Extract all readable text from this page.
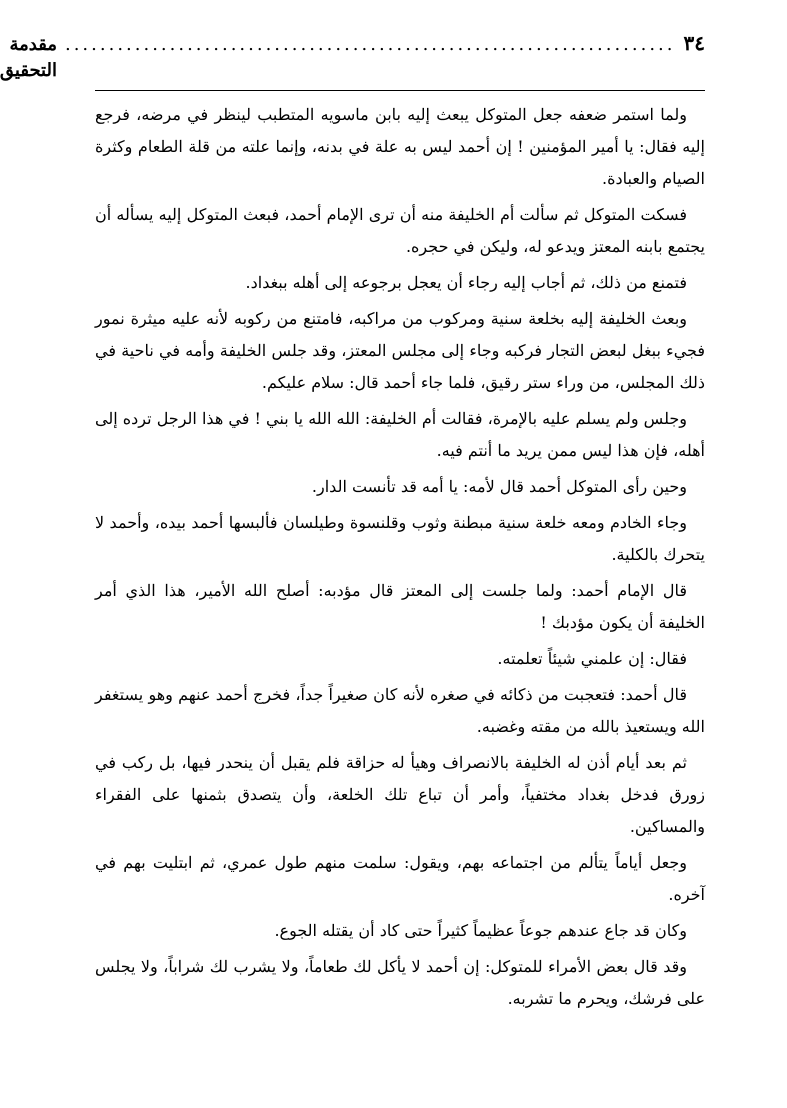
٣٤
......................................................................
مقدمة التحقيق

ولما استمر ضعفه جعل المتوكل يبعث إليه بابن ماسويه المتطبب لينظر في مرضه، فرجع إليه فقال: يا أمير المؤمنين ! إن أحمد ليس به علة في بدنه، وإنما علته من قلة الطعام وكثرة الصيام والعبادة.

فسكت المتوكل ثم سألت أم الخليفة منه أن ترى الإمام أحمد، فبعث المتوكل إليه يسأله أن يجتمع بابنه المعتز ويدعو له، وليكن في حجره.

فتمنع من ذلك، ثم أجاب إليه رجاء أن يعجل برجوعه إلى أهله ببغداد.

وبعث الخليفة إليه بخلعة سنية ومركوب من مراكبه، فامتنع من ركوبه لأنه عليه ميثرة نمور فجيء ببغل لبعض التجار فركبه وجاء إلى مجلس المعتز، وقد جلس الخليفة وأمه في ناحية في ذلك المجلس، من وراء ستر رقيق، فلما جاء أحمد قال: سلام عليكم.

وجلس ولم يسلم عليه بالإمرة، فقالت أم الخليفة: الله الله يا بني ! في هذا الرجل ترده إلى أهله، فإن هذا ليس ممن يريد ما أنتم فيه.

وحين رأى المتوكل أحمد قال لأمه: يا أمه قد تأنست الدار.

وجاء الخادم ومعه خلعة سنية مبطنة وثوب وقلنسوة وطيلسان فألبسها أحمد بيده، وأحمد لا يتحرك بالكلية.

قال الإمام أحمد: ولما جلست إلى المعتز قال مؤدبه: أصلح الله الأمير، هذا الذي أمر الخليفة أن يكون مؤدبك !

فقال: إن علمني شيئاً تعلمته.

قال أحمد: فتعجبت من ذكائه في صغره لأنه كان صغيراً جداً، فخرج أحمد عنهم وهو يستغفر الله ويستعيذ بالله من مقته وغضبه.

ثم بعد أيام أذن له الخليفة بالانصراف وهيأ له حزاقة فلم يقبل أن ينحدر فيها، بل ركب في زورق فدخل بغداد مختفياً، وأمر أن تباع تلك الخلعة، وأن يتصدق بثمنها على الفقراء والمساكين.

وجعل أياماً يتألم من اجتماعه بهم، ويقول: سلمت منهم طول عمري، ثم ابتليت بهم في آخره.

وكان قد جاع عندهم جوعاً عظيماً كثيراً حتى كاد أن يقتله الجوع.

وقد قال بعض الأمراء للمتوكل: إن أحمد لا يأكل لك طعاماً، ولا يشرب لك شراباً، ولا يجلس على فرشك، ويحرم ما تشربه.
